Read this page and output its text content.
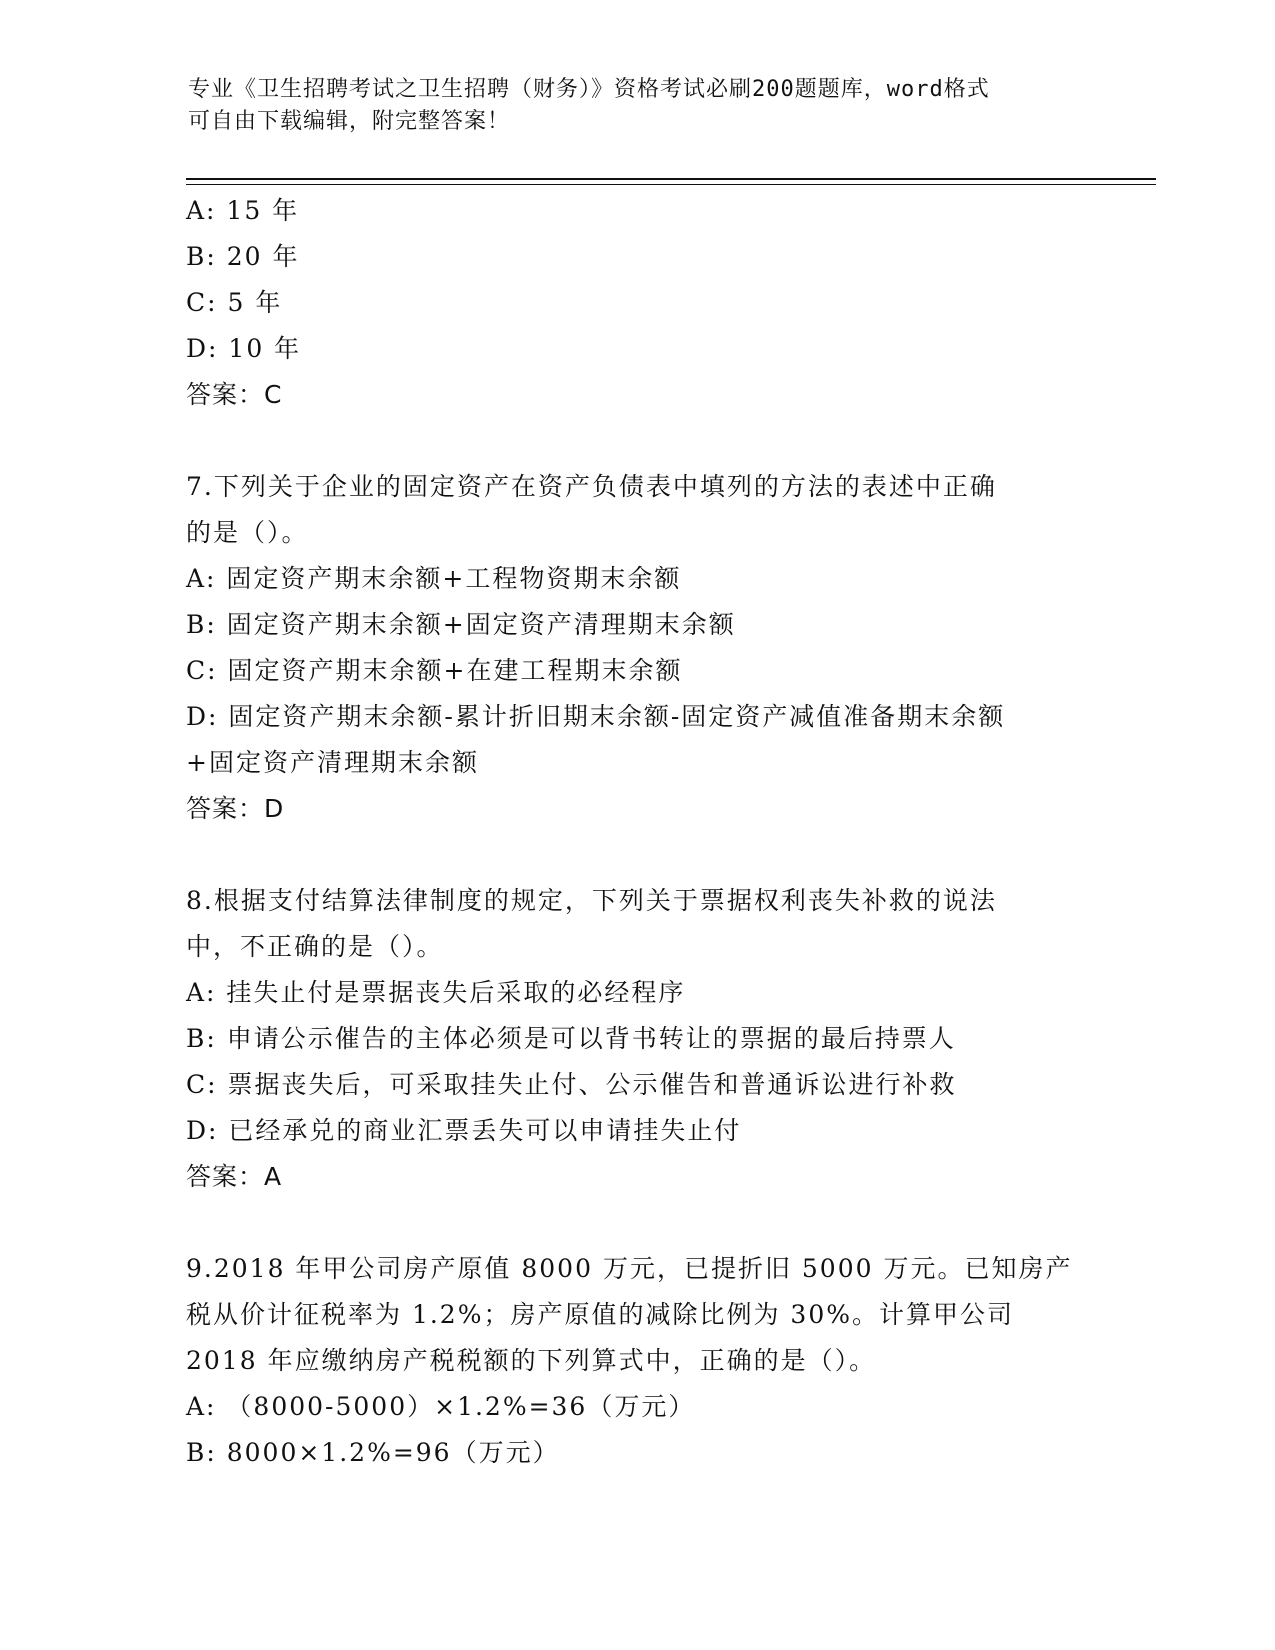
专业《卫生招聘考试之卫生招聘（财务）》资格考试必刷200题题库，word格式
可自由下载编辑，附完整答案！
A: 15 年
B: 20 年
C: 5 年
D: 10 年
答案：C
7.下列关于企业的固定资产在资产负债表中填列的方法的表述中正确
的是（）。
A: 固定资产期末余额+工程物资期末余额
B: 固定资产期末余额+固定资产清理期末余额
C: 固定资产期末余额+在建工程期末余额
D: 固定资产期末余额-累计折旧期末余额-固定资产减值准备期末余额
+固定资产清理期末余额
答案：D
8.根据支付结算法律制度的规定，下列关于票据权利丧失补救的说法
中，不正确的是（）。
A: 挂失止付是票据丧失后采取的必经程序
B: 申请公示催告的主体必须是可以背书转让的票据的最后持票人
C: 票据丧失后，可采取挂失止付、公示催告和普通诉讼进行补救
D: 已经承兑的商业汇票丢失可以申请挂失止付
答案：A
9.2018 年甲公司房产原值 8000 万元，已提折旧 5000 万元。已知房产
税从价计征税率为 1.2%；房产原值的减除比例为 30%。计算甲公司
2018 年应缴纳房产税税额的下列算式中，正确的是（）。
A: （8000-5000）×1.2%=36（万元）
B: 8000×1.2%=96（万元）
